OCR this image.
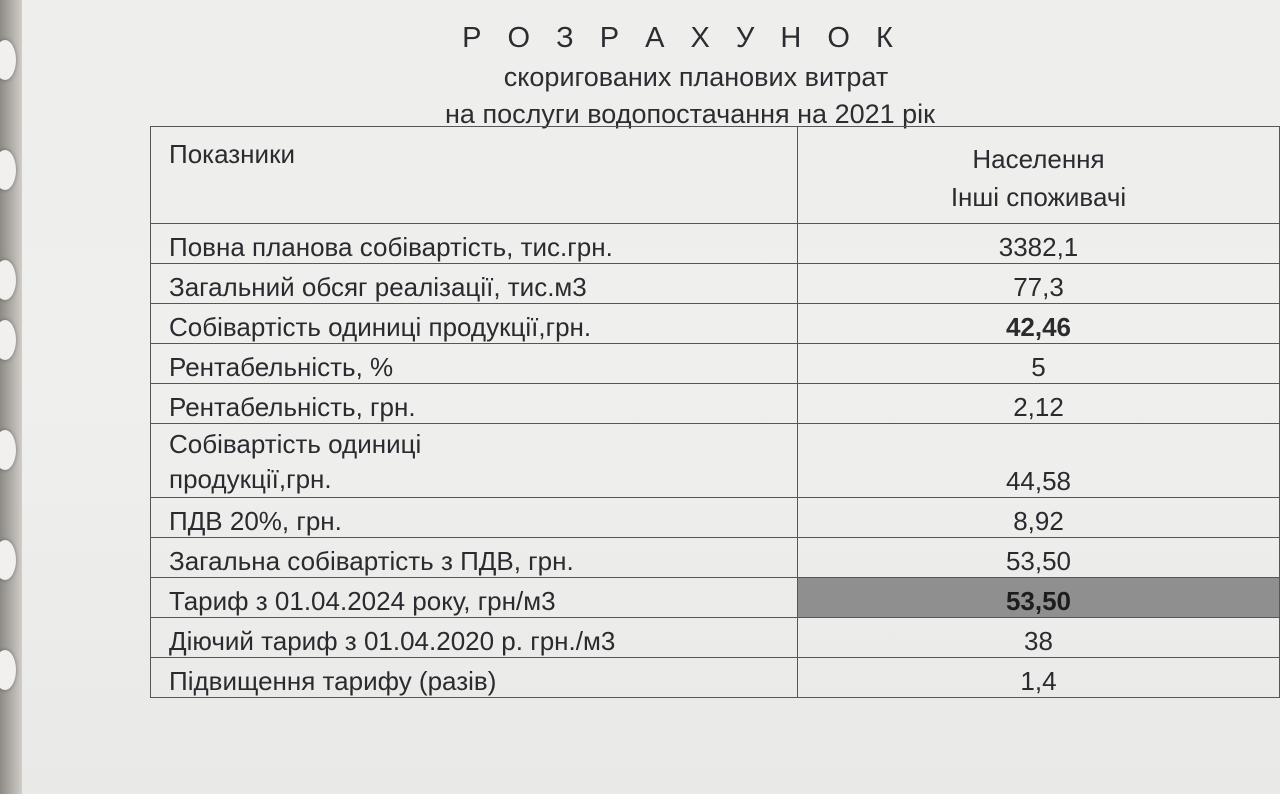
Р О З Р А Х У Н О К
скоригованих планових витрат
на послуги водопостачання на 2021 рік
Показники	Населення
Інші споживачі

Повна планова собівартість, тис.грн.	3382,1
Загальний обсяг реалізації, тис.м3	77,3
Собівартість одиниці продукції,грн.	42,46
Рентабельність, %	5
Рентабельність, грн.	2,12

Собівартість одиниці
продукції,грн.	44,58
ПДВ 20%, грн.	8,92
Загальна собівартість з ПДВ, грн.	53,50
Тариф з 01.04.2024 року, грн/м3	53,50
Діючий тариф з 01.04.2020 р. грн./м3	38
Підвищення тарифу (разів)	1,4
